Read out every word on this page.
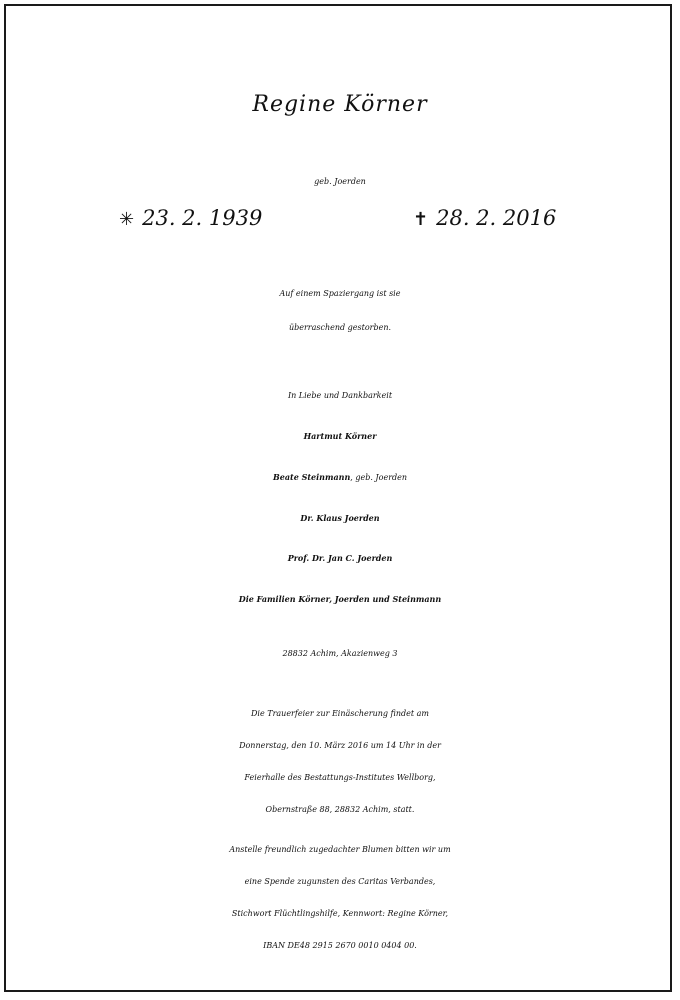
Regine Körner
geb. Joerden
✳ 23. 2. 1939	✝ 28. 2. 2016
Auf einem Spaziergang ist sie
überraschend gestorben.
In Liebe und Dankbarkeit
Hartmut Körner
Beate Steinmann, geb. Joerden
Dr. Klaus Joerden
Prof. Dr. Jan C. Joerden
Die Familien Körner, Joerden und Steinmann
28832 Achim, Akazienweg 3
Die Trauerfeier zur Einäscherung findet am
Donnerstag, den 10. März 2016 um 14 Uhr in der
Feierhalle des Bestattungs-Institutes Wellborg,
Obernstraße 88, 28832 Achim, statt.
Anstelle freundlich zugedachter Blumen bitten wir um
eine Spende zugunsten des Caritas Verbandes,
Stichwort Flüchtlingshilfe, Kennwort: Regine Körner,
IBAN DE48 2915 2670 0010 0404 00.
